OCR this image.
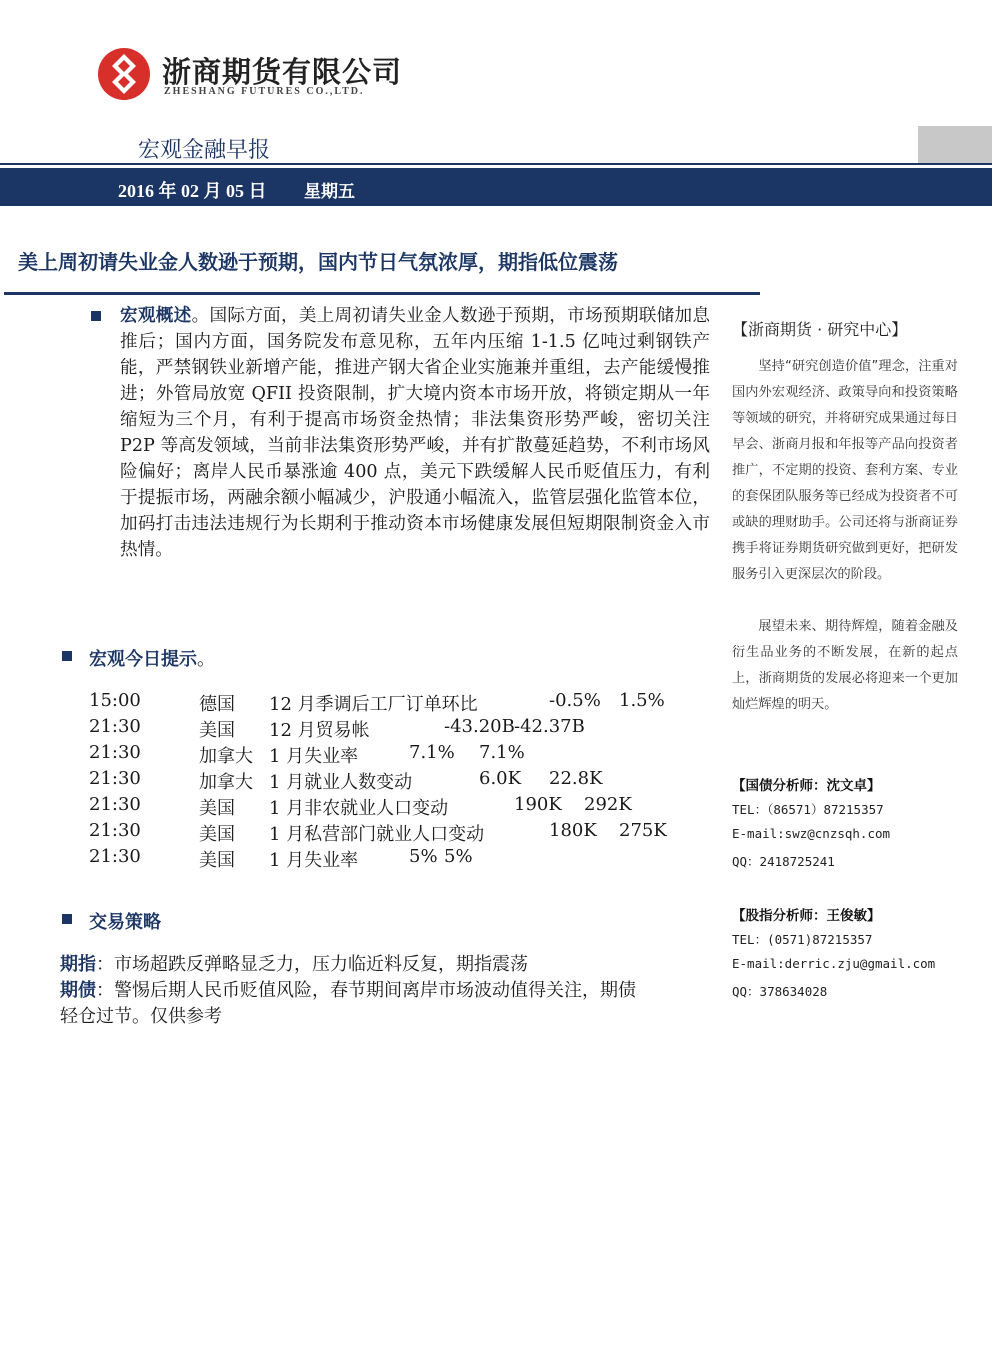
浙商期货有限公司
ZHESHANG FUTURES CO.,LTD.
宏观金融早报
2016 年 02 月 05 日 星期五
美上周初请失业金人数逊于预期，国内节日气氛浓厚，期指低位震荡
宏观概述。国际方面，美上周初请失业金人数逊于预期，市场预期联储加息推后；国内方面，国务院发布意见称，五年内压缩 1-1.5 亿吨过剩钢铁产能，严禁钢铁业新增产能，推进产钢大省企业实施兼并重组，去产能缓慢推进；外管局放宽 QFII 投资限制，扩大境内资本市场开放，将锁定期从一年缩短为三个月，有利于提高市场资金热情；非法集资形势严峻，密切关注 P2P 等高发领域，当前非法集资形势严峻，并有扩散蔓延趋势，不利市场风险偏好；离岸人民币暴涨逾 400 点，美元下跌缓解人民币贬值压力，有利于提振市场，两融余额小幅减少，沪股通小幅流入，监管层强化监管本位，加码打击违法违规行为长期利于推动资本市场健康发展但短期限制资金入市热情。
宏观今日提示。
15:00	德国 12 月季调后工厂订单环比	-0.5% 1.5%
21:30	美国 12 月贸易帐	-43.20B -42.37B
21:30	加拿大 1 月失业率	7.1% 7.1%
21:30	加拿大 1 月就业人数变动	6.0K 22.8K
21:30	美国 1 月非农就业人口变动	190K 292K
21:30	美国 1 月私营部门就业人口变动	180K 275K
21:30	美国 1 月失业率	5% 5%
交易策略
期指：市场超跌反弹略显乏力，压力临近料反复，期指震荡
期债：警惕后期人民币贬值风险，春节期间离岸市场波动值得关注，期债
轻仓过节。仅供参考
【浙商期货 · 研究中心】
坚持“研究创造价值”理念，注重对国内外宏观经济、政策导向和投资策略等领域的研究，并将研究成果通过每日早会、浙商月报和年报等产品向投资者推广，不定期的投资、套利方案、专业的套保团队服务等已经成为投资者不可或缺的理财助手。公司还将与浙商证券携手将证券期货研究做到更好，把研发服务引入更深层次的阶段。
展望未来、期待辉煌，随着金融及衍生品业务的不断发展，在新的起点上，浙商期货的发展必将迎来一个更加灿烂辉煌的明天。
【国债分析师：沈文卓】
TEL：（86571）87215357
E-mail:swz@cnzsqh.com
QQ：2418725241
【股指分析师：王俊敏】
TEL：(0571)87215357
E-mail:derric.zju@gmail.com
QQ：378634028
